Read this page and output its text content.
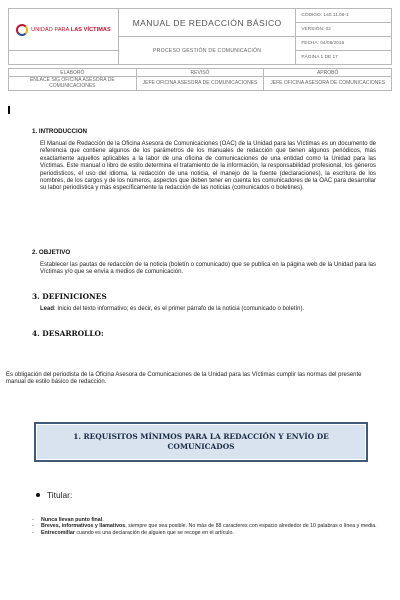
UNIDAD PARA LAS VÍCTIMAS	MANUAL DE REDACCIÓN BÁSICO	CÓDIGO: 140.11.06-1
		VERSIÓN: 02
	PROCESO GESTIÓN DE COMUNICACIÓN	FECHA: 04/08/2016
		PÁGINA 1 DE 17
ELABORÓ	REVISÓ	APROBÓ
ENLACE SIG OFICINA ASESORA DE COMUNICACIONES	JEFE OFICINA ASESORA DE COMUNICACIONES	JEFE OFICINA ASESORA DE COMUNICACIONES
1. INTRODUCCION

El Manual de Redacción de la Oficina Asesora de Comunicaciones (OAC) de la Unidad para las Víctimas es un documento de referencia que contiene algunos de los parámetros de los manuales de redacción que tienen algunos periódicos, más exactamente aquellos aplicables a la labor de una oficina de comunicaciones de una entidad como la Unidad para las Víctimas. Este manual o libro de estilo determina el tratamiento de la información, la responsabilidad profesional, los géneros periodísticos, el uso del idioma, la redacción de una noticia, el manejo de la fuente (declaraciones), la escritura de los nombres, de los cargos y de los números, aspectos que deben tener en cuenta los comunicadores de la OAC para desarrollar su labor periodística y más específicamente la redacción de las noticias (comunicados o boletines).

2. OBJETIVO

Establecer las pautas de redacción de la noticia (boletín o comunicado) que se publica en la página web de la Unidad para las Víctimas y/o que se envía a medios de comunicación.

3. DEFINICIONES

Lead: Inicio del texto informativo; es decir, es el primer párrafo de la noticia (comunicado o boletín).

4. DESARROLLO:

Es obligación del periodista de la Oficina Asesora de Comunicaciones de la Unidad para las Víctimas cumplir las normas del presente manual de estilo básico de redacción.

1. REQUISITOS MÍNIMOS PARA LA REDACCIÓN Y ENVÍO DE COMUNICADOS
Titular:
-	Nunca llevan punto final.
-	Breves, informativos y llamativos, siempre que sea posible. No más de 88 caracteres con espacio alrededor de 10 palabras o línea y media.
-	Entrecomillar cuando es una declaración de alguien que se recoge en el artículo.
